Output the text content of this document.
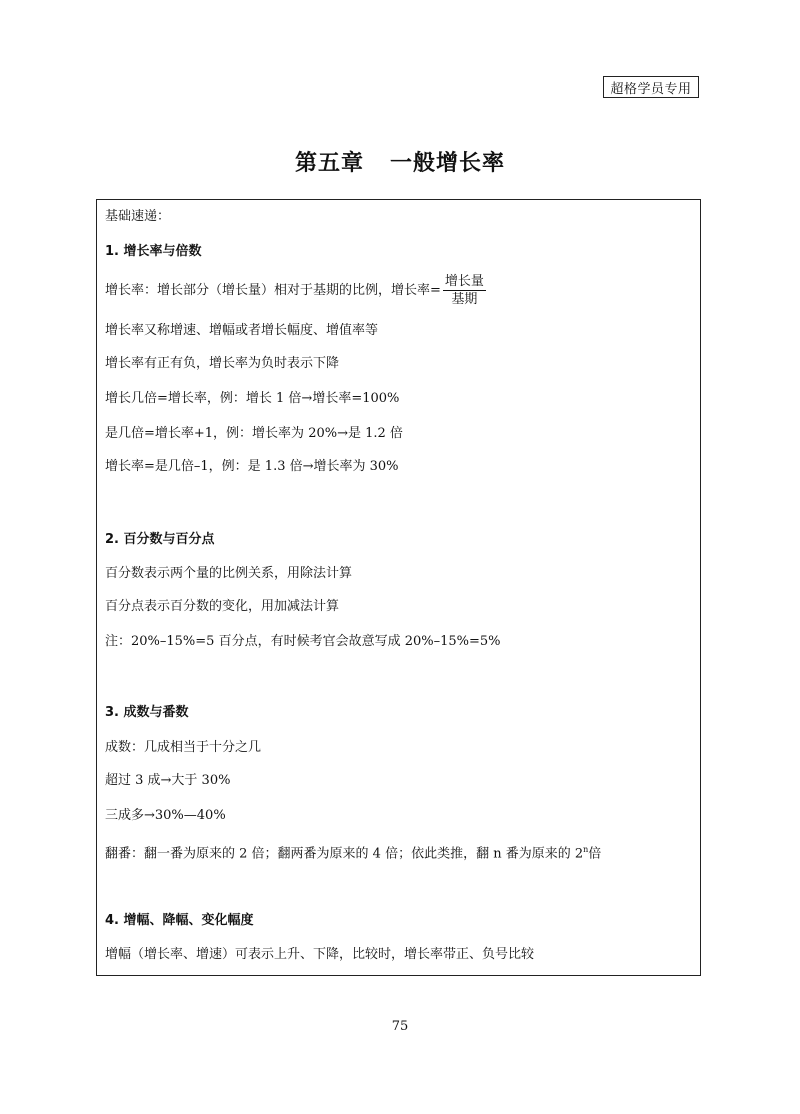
超格学员专用
第五章 一般增长率
基础速递：
1. 增长率与倍数
增长率：增长部分（增长量）相对于基期的比例，增长率= $\frac{\text{增长量}}{\text{基期}}$
增长率又称增速、增幅或者增长幅度、增值率等
增长率有正有负，增长率为负时表示下降
增长几倍=增长率，例：增长 1 倍→增长率=100%
是几倍=增长率+1，例：增长率为 20%→是 1.2 倍
增长率=是几倍–1，例：是 1.3 倍→增长率为 30%
2. 百分数与百分点
百分数表示两个量的比例关系，用除法计算
百分点表示百分数的变化，用加减法计算
注：20%–15%=5 百分点，有时候考官会故意写成 20%–15%=5%
3. 成数与番数
成数：几成相当于十分之几
超过 3 成→大于 30%
三成多→30%—40%
翻番：翻一番为原来的 2 倍；翻两番为原来的 4 倍；依此类推，翻 n 番为原来的 2$^n$倍
4. 增幅、降幅、变化幅度
增幅（增长率、增速）可表示上升、下降，比较时，增长率带正、负号比较
75
